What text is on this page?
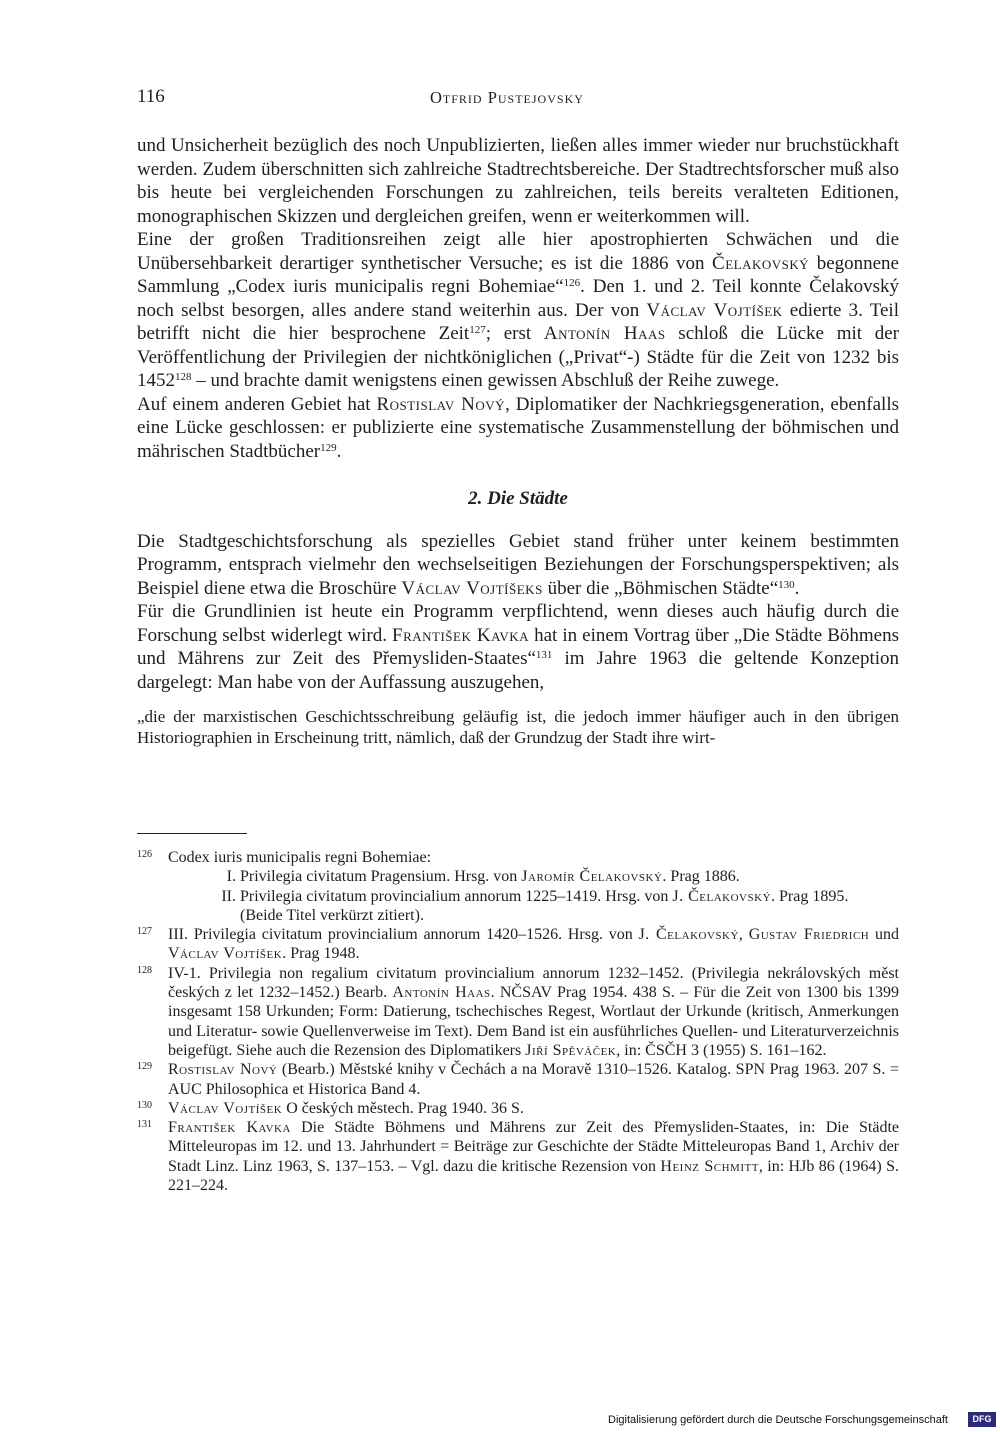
116	Otfrid Pustejovsky

und Unsicherheit bezüglich des noch Unpublizierten, ließen alles immer wieder nur bruchstückhaft werden. Zudem überschnitten sich zahlreiche Stadtrechtsbereiche. Der Stadtrechtsforscher muß also bis heute bei vergleichenden Forschungen zu zahlreichen, teils bereits veralteten Editionen, monographischen Skizzen und dergleichen greifen, wenn er weiterkommen will.

Eine der großen Traditionsreihen zeigt alle hier apostrophierten Schwächen und die Unübersehbarkeit derartiger synthetischer Versuche; es ist die 1886 von Čelakovský begonnene Sammlung „Codex iuris municipalis regni Bohemiae“$^{126}$. Den 1. und 2. Teil konnte Čelakovský noch selbst besorgen, alles andere stand weiterhin aus. Der von Václav Vojtíšek edierte 3. Teil betrifft nicht die hier besprochene Zeit$^{127}$; erst Antonín Haas schloß die Lücke mit der Veröffentlichung der Privilegien der nichtköniglichen („Privat“-) Städte für die Zeit von 1232 bis 1452$^{128}$ – und brachte damit wenigstens einen gewissen Abschluß der Reihe zuwege.

Auf einem anderen Gebiet hat Rostislav Nový, Diplomatiker der Nachkriegsgeneration, ebenfalls eine Lücke geschlossen: er publizierte eine systematische Zusammenstellung der böhmischen und mährischen Stadtbücher$^{129}$.

2. Die Städte

Die Stadtgeschichtsforschung als spezielles Gebiet stand früher unter keinem bestimmten Programm, entsprach vielmehr den wechselseitigen Beziehungen der Forschungsperspektiven; als Beispiel diene etwa die Broschüre Václav Vojtíšeks über die „Böhmischen Städte“$^{130}$.

Für die Grundlinien ist heute ein Programm verpflichtend, wenn dieses auch häufig durch die Forschung selbst widerlegt wird. František Kavka hat in einem Vortrag über „Die Städte Böhmens und Mährens zur Zeit des Přemysliden-Staates“$^{131}$ im Jahre 1963 die geltende Konzeption dargelegt: Man habe von der Auffassung auszugehen,

„die der marxistischen Geschichtsschreibung geläufig ist, die jedoch immer häufiger auch in den übrigen Historiographien in Erscheinung tritt, nämlich, daß der Grundzug der Stadt ihre wirt-

126	Codex iuris municipalis regni Bohemiae:
I. Privilegia civitatum Pragensium. Hrsg. von Jaromír Čelakovský. Prag 1886.
II. Privilegia civitatum provincialium annorum 1225–1419. Hrsg. von J. Čelakovský. Prag 1895.
(Beide Titel verkürzt zitiert).
127	III. Privilegia civitatum provincialium annorum 1420–1526. Hrsg. von J. Čelakovský, Gustav Friedrich und Václav Vojtíšek. Prag 1948.
128	IV-1. Privilegia non regalium civitatum provincialium annorum 1232–1452. (Privilegia nekrálovských měst českých z let 1232–1452.) Bearb. Antonín Haas. NČSAV Prag 1954. 438 S. – Für die Zeit von 1300 bis 1399 insgesamt 158 Urkunden; Form: Datierung, tschechisches Regest, Wortlaut der Urkunde (kritisch, Anmerkungen und Literatur- sowie Quellenverweise im Text). Dem Band ist ein ausführliches Quellen- und Literaturverzeichnis beigefügt. Siehe auch die Rezension des Diplomatikers Jiří Spěváček, in: ČSČH 3 (1955) S. 161–162.
129	Rostislav Nový (Bearb.) Městské knihy v Čechách a na Moravě 1310–1526. Katalog. SPN Prag 1963. 207 S. = AUC Philosophica et Historica Band 4.
130	Václav Vojtíšek O českých městech. Prag 1940. 36 S.
131	František Kavka Die Städte Böhmens und Mährens zur Zeit des Přemysliden-Staates, in: Die Städte Mitteleuropas im 12. und 13. Jahrhundert = Beiträge zur Geschichte der Städte Mitteleuropas Band 1, Archiv der Stadt Linz. Linz 1963, S. 137–153. – Vgl. dazu die kritische Rezension von Heinz Schmitt, in: HJb 86 (1964) S. 221–224.
Digitalisierung gefördert durch die Deutsche Forschungsgemeinschaft	DFG
